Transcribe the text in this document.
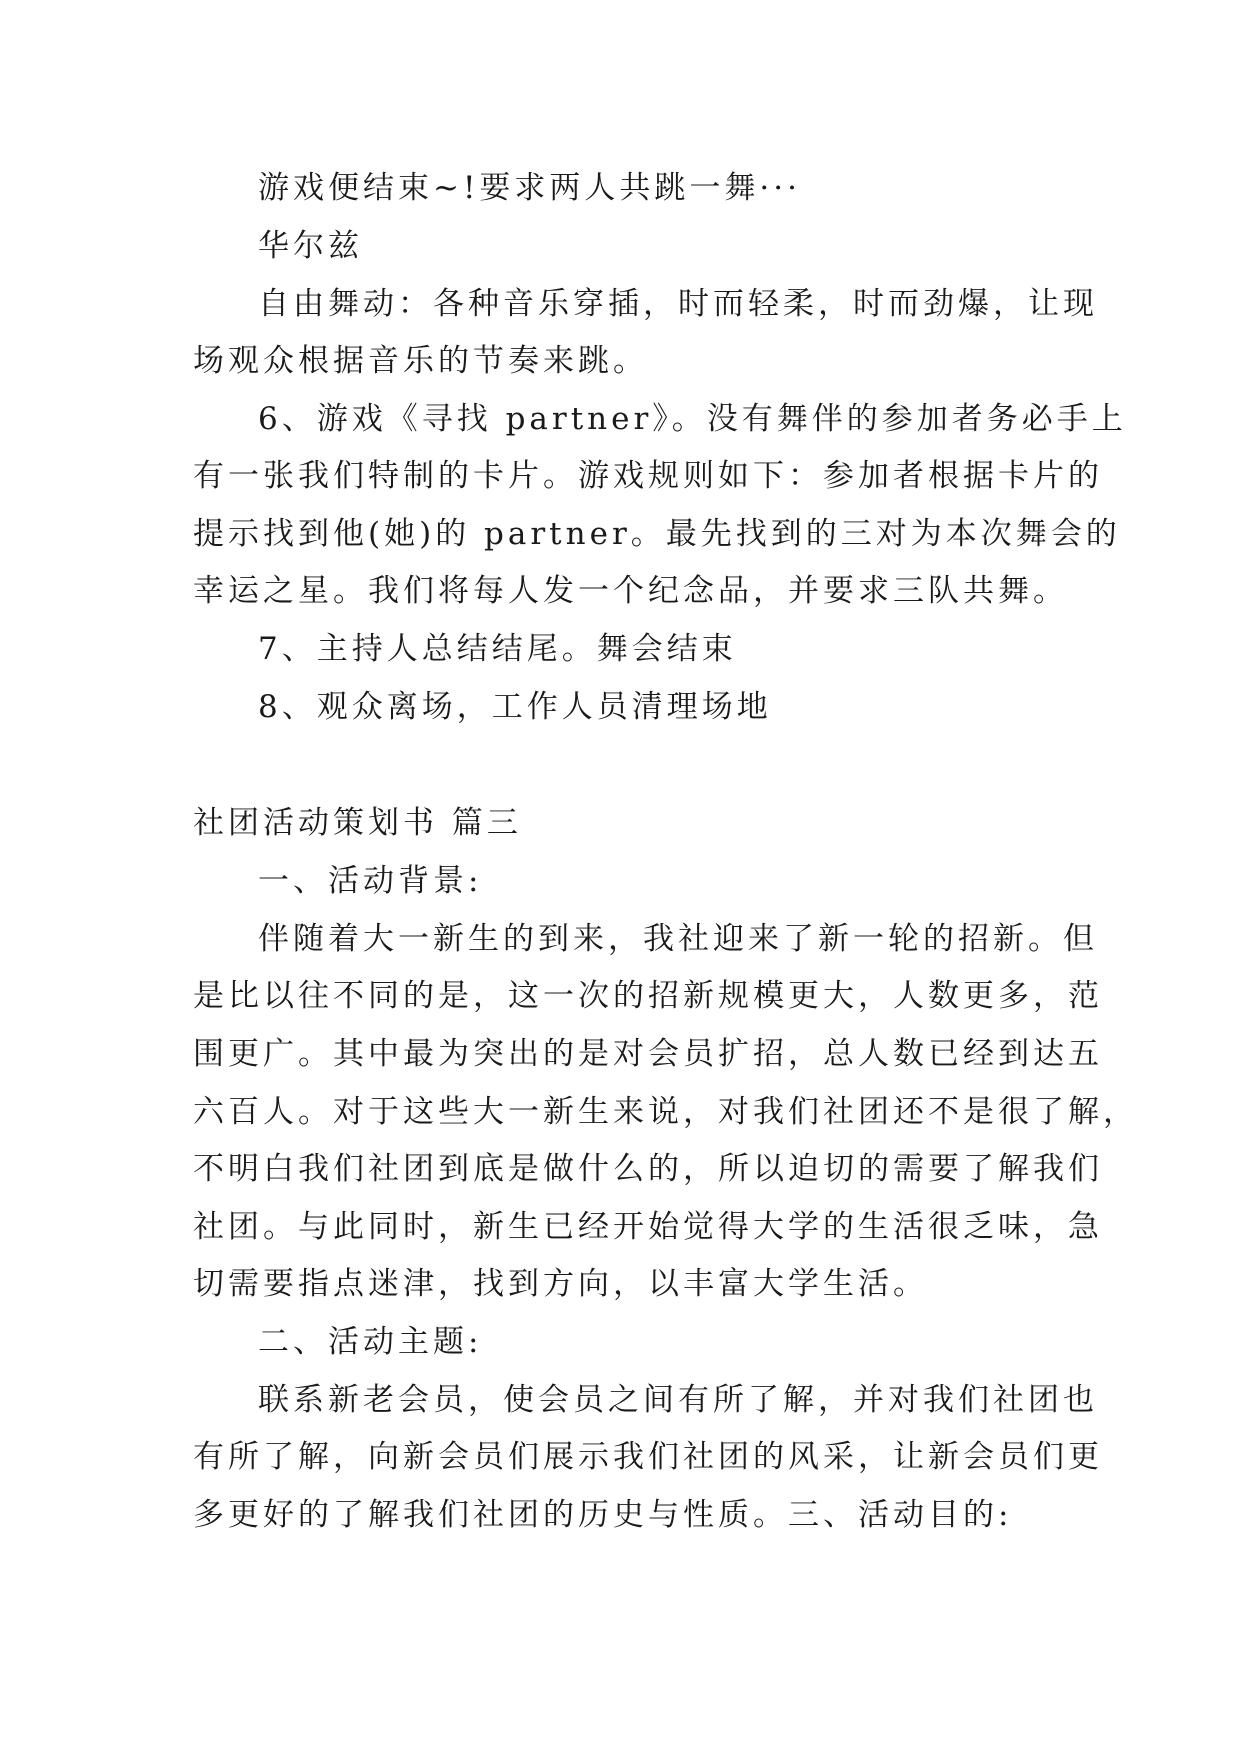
游戏便结束~!要求两人共跳一舞···
华尔兹
自由舞动：各种音乐穿插，时而轻柔，时而劲爆，让现
场观众根据音乐的节奏来跳。
6、游戏《寻找 partner》。没有舞伴的参加者务必手上
有一张我们特制的卡片。游戏规则如下：参加者根据卡片的
提示找到他(她)的 partner。最先找到的三对为本次舞会的
幸运之星。我们将每人发一个纪念品，并要求三队共舞。
7、主持人总结结尾。舞会结束
8、观众离场，工作人员清理场地
社团活动策划书 篇三
一、活动背景:
伴随着大一新生的到来，我社迎来了新一轮的招新。但
是比以往不同的是，这一次的招新规模更大，人数更多，范
围更广。其中最为突出的是对会员扩招，总人数已经到达五
六百人。对于这些大一新生来说，对我们社团还不是很了解，
不明白我们社团到底是做什么的，所以迫切的需要了解我们
社团。与此同时，新生已经开始觉得大学的生活很乏味，急
切需要指点迷津，找到方向，以丰富大学生活。
二、活动主题:
联系新老会员，使会员之间有所了解，并对我们社团也
有所了解，向新会员们展示我们社团的风采，让新会员们更
多更好的了解我们社团的历史与性质。三、活动目的:
